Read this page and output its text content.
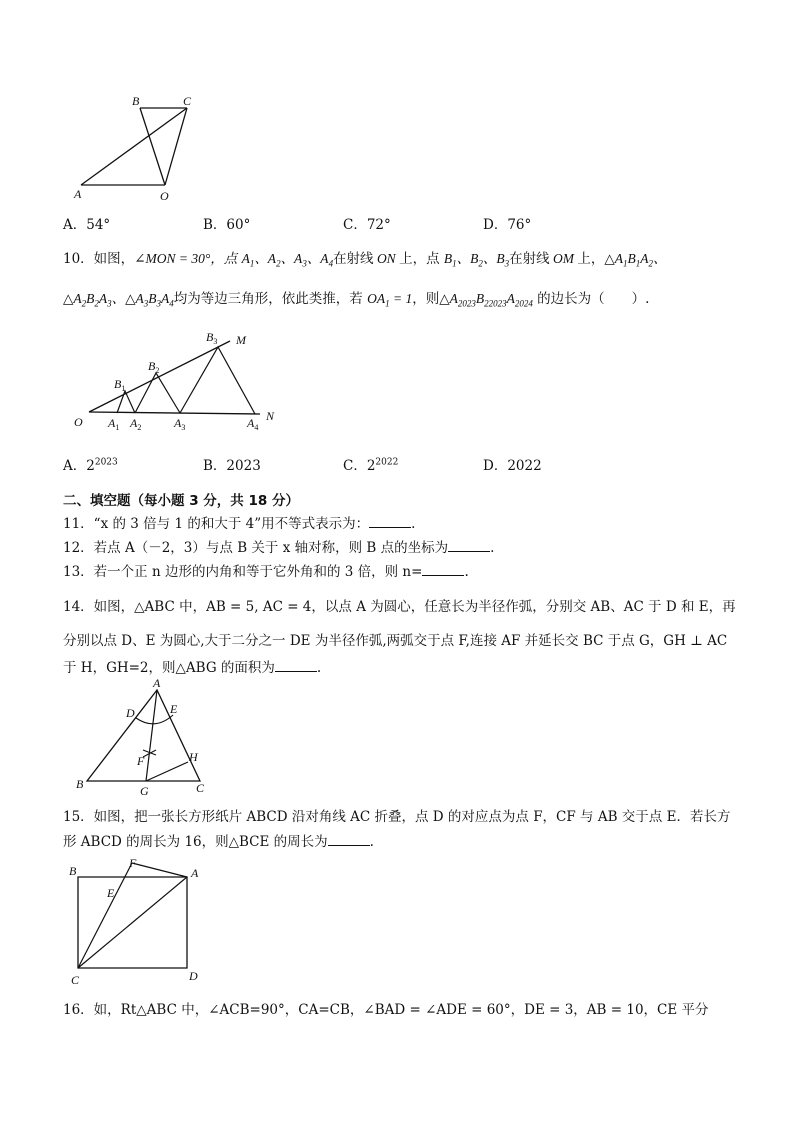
B	C
A	O
A．54°	B．60°	C．72°	D．76°
10．如图，∠MON = 30°，点 $A_1$、$A_2$、$A_3$、$A_4$在射线 ON 上，点 $B_1$、$B_2$、$B_3$在射线 OM 上，$\triangle A_1B_1A_2$、
$\triangle A_2B_2A_3$、$\triangle A_3B_3A_4$均为等边三角形，依此类推，若 $OA_1 = 1$，则$\triangle A_{2023}B_{22023}A_{2024}$ 的边长为（　　）.
O	N
M
$B_1$
$B_2$
$B_3$
$A_1$ $A_2$	$A_3$	$A_4$
A．$2^{2023}$	B．2023	C．$2^{2022}$	D．2022
二、填空题（每小题 3 分，共 18 分）
11．“x 的 3 倍与 1 的和大于 4”用不等式表示为：	.
12．若点 A（－2，3）与点 B 关于 x 轴对称，则 B 点的坐标为	.
13．若一个正 n 边形的内角和等于它外角和的 3 倍，则 n=	.
14．如图，△ABC 中，AB = 5, AC = 4，以点 A 为圆心，任意长为半径作弧，分别交 AB、AC 于 D 和 E，再
分别以点 D、E 为圆心,大于二分之一 DE 为半径作弧,两弧交于点 F,连接 AF 并延长交 BC 于点 G，GH ⊥ AC
于 H，GH=2，则△ABG 的面积为	.
A
D	E
F	H
B	G	C
15．如图，把一张长方形纸片 ABCD 沿对角线 AC 折叠，点 D 的对应点为点 F，CF 与 AB 交于点 E．若长方
形 ABCD 的周长为 16，则△BCE 的周长为	.
F
E
B	A
C	D
16．如，Rt△ABC 中，∠ACB=90°，CA=CB，∠BAD = ∠ADE = 60°，DE = 3，AB = 10，CE 平分
